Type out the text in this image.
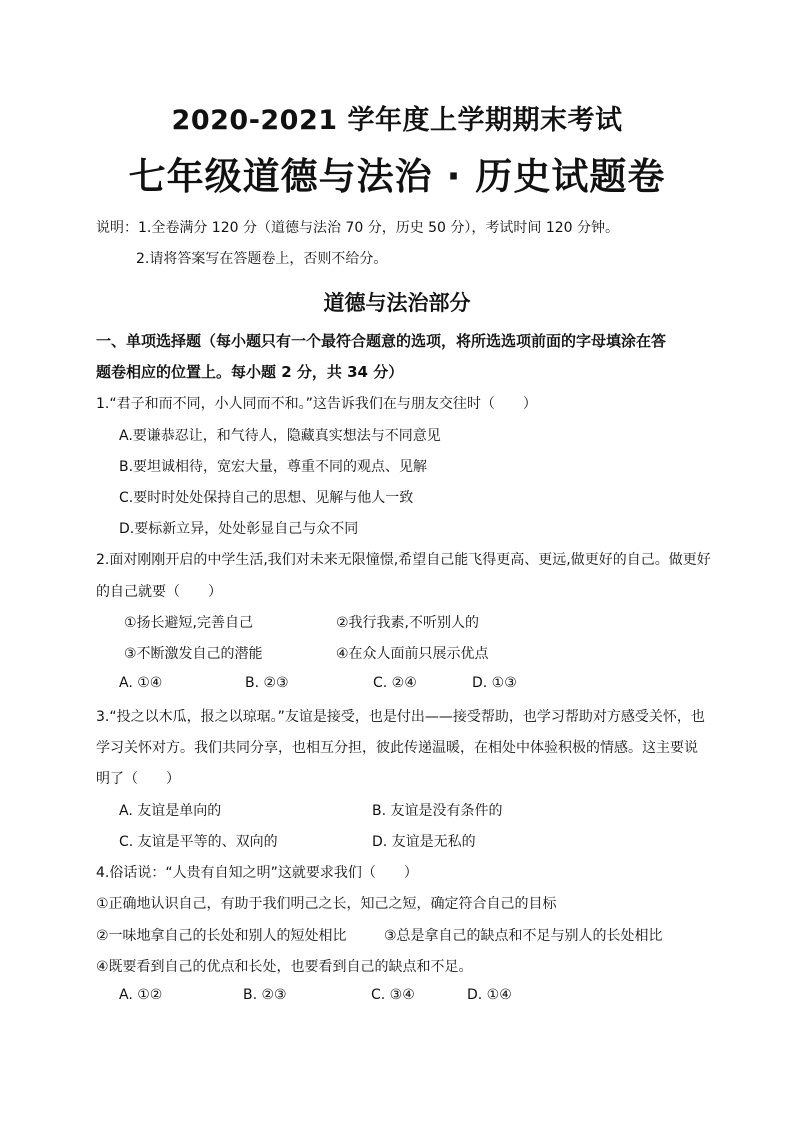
2020-2021 学年度上学期期末考试
七年级道德与法治 · 历史试题卷
说明：1.全卷满分 120 分（道德与法治 70 分，历史 50 分），考试时间 120 分钟。
2.请将答案写在答题卷上，否则不给分。
道德与法治部分
一、单项选择题（每小题只有一个最符合题意的选项，将所选选项前面的字母填涂在答
题卷相应的位置上。每小题 2 分，共 34 分）
1.“君子和而不同，小人同而不和。”这告诉我们在与朋友交往时（　　）
A.要谦恭忍让，和气待人，隐藏真实想法与不同意见
B.要坦诚相待，宽宏大量，尊重不同的观点、见解
C.要时时处处保持自己的思想、见解与他人一致
D.要标新立异，处处彰显自己与众不同
2.面对刚刚开启的中学生活,我们对未来无限憧憬,希望自己能飞得更高、更远,做更好的自己。做更好
的自己就要（　　）
①扬长避短,完善自己	②我行我素,不听别人的
③不断激发自己的潜能	④在众人面前只展示优点
A. ①④	B. ②③	C. ②④	D. ①③
3.“投之以木瓜，报之以琼琚。”友谊是接受，也是付出——接受帮助，也学习帮助对方感受关怀，也
学习关怀对方。我们共同分享，也相互分担，彼此传递温暖，在相处中体验积极的情感。这主要说
明了（　　）
A. 友谊是单向的	B. 友谊是没有条件的
C. 友谊是平等的、双向的	D. 友谊是无私的
4.俗话说：“人贵有自知之明”这就要求我们（　　）
①正确地认识自己，有助于我们明己之长，知己之短，确定符合自己的目标
②一味地拿自己的长处和别人的短处相比	③总是拿自己的缺点和不足与别人的长处相比
④既要看到自己的优点和长处，也要看到自己的缺点和不足。
A. ①②	B. ②③	C. ③④	D. ①④
